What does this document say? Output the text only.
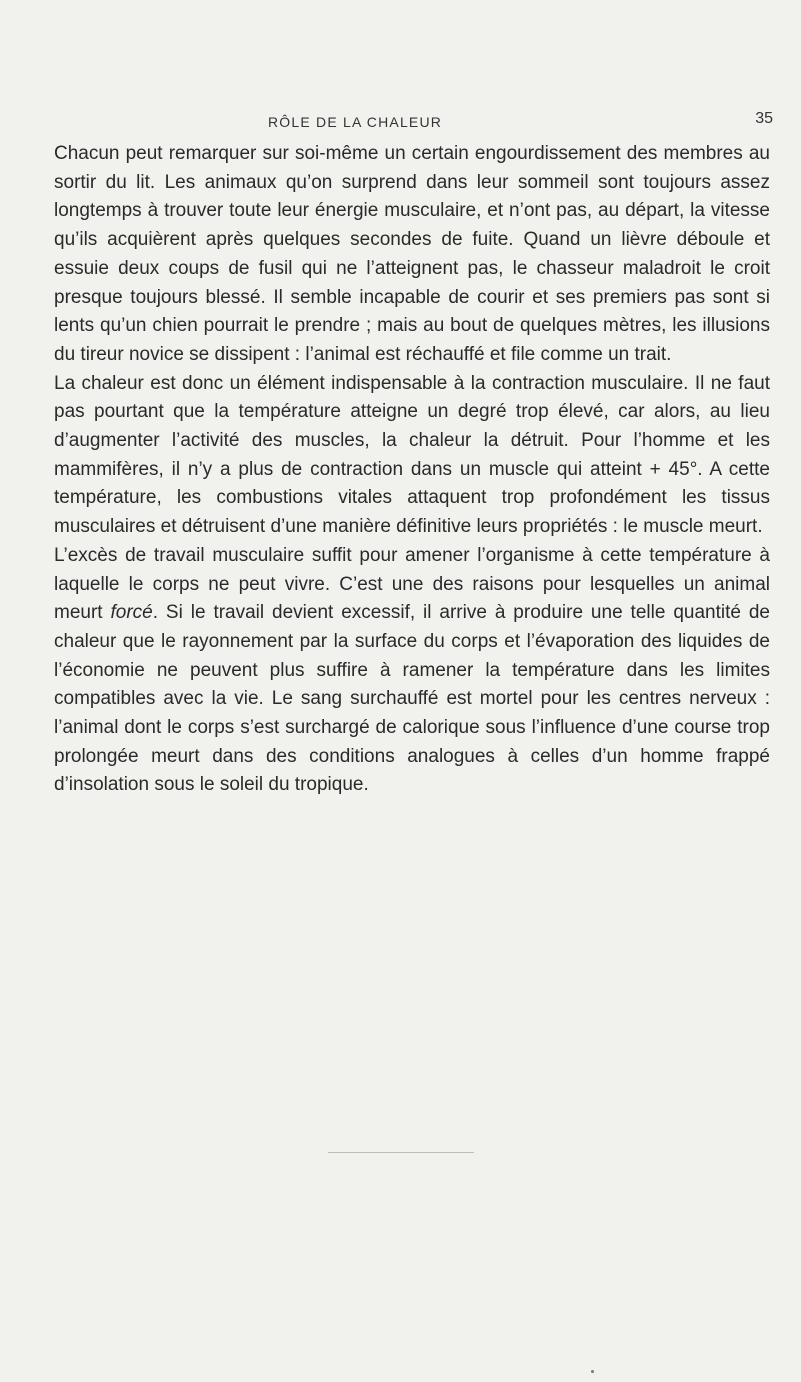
RÔLE DE LA CHALEUR	35

Chacun peut remarquer sur soi-même un certain engourdissement des membres au sortir du lit. Les animaux qu’on surprend dans leur sommeil sont toujours assez longtemps à trouver toute leur énergie musculaire, et n’ont pas, au départ, la vitesse qu’ils acquièrent après quelques secondes de fuite. Quand un lièvre déboule et essuie deux coups de fusil qui ne l’atteignent pas, le chasseur maladroit le croit presque toujours blessé. Il semble incapable de courir et ses premiers pas sont si lents qu’un chien pourrait le prendre ; mais au bout de quelques mètres, les illusions du tireur novice se dissipent : l’animal est réchauffé et file comme un trait.

La chaleur est donc un élément indispensable à la contraction musculaire. Il ne faut pas pourtant que la température atteigne un degré trop élevé, car alors, au lieu d’augmenter l’activité des muscles, la chaleur la détruit. Pour l’homme et les mammifères, il n’y a plus de contraction dans un muscle qui atteint + 45°. A cette température, les combustions vitales attaquent trop profondément les tissus musculaires et détruisent d’une manière définitive leurs propriétés : le muscle meurt.

L’excès de travail musculaire suffit pour amener l’organisme à cette température à laquelle le corps ne peut vivre. C’est une des raisons pour lesquelles un animal meurt forcé. Si le travail devient excessif, il arrive à produire une telle quantité de chaleur que le rayonnement par la surface du corps et l’évaporation des liquides de l’économie ne peuvent plus suffire à ramener la température dans les limites compatibles avec la vie. Le sang surchauffé est mortel pour les centres nerveux : l’animal dont le corps s’est surchargé de calorique sous l’influence d’une course trop prolongée meurt dans des conditions analogues à celles d’un homme frappé d’insolation sous le soleil du tropique.
